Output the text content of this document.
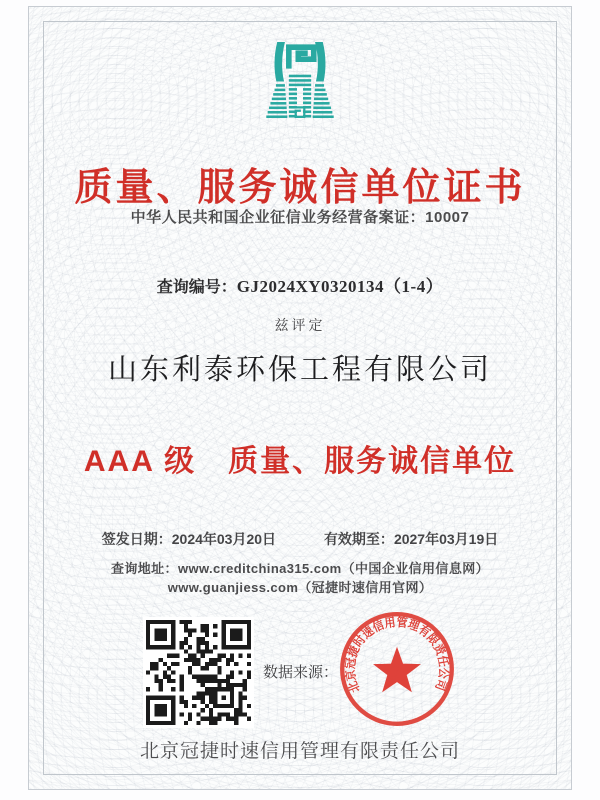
质量、服务诚信单位证书
中华人民共和国企业征信业务经营备案证：10007
查询编号：GJ2024XY0320134（1-4）
兹评定
山东利泰环保工程有限公司
AAA 级　质量、服务诚信单位
签发日期：2024年03月20日	有效期至：2027年03月19日
查询地址：www.creditchina315.com（中国企业信用信息网）
www.guanjiess.com（冠捷时速信用官网）
数据来源：
北京冠捷时速信用管理有限责任公司
北京冠捷时速信用管理有限责任公司
